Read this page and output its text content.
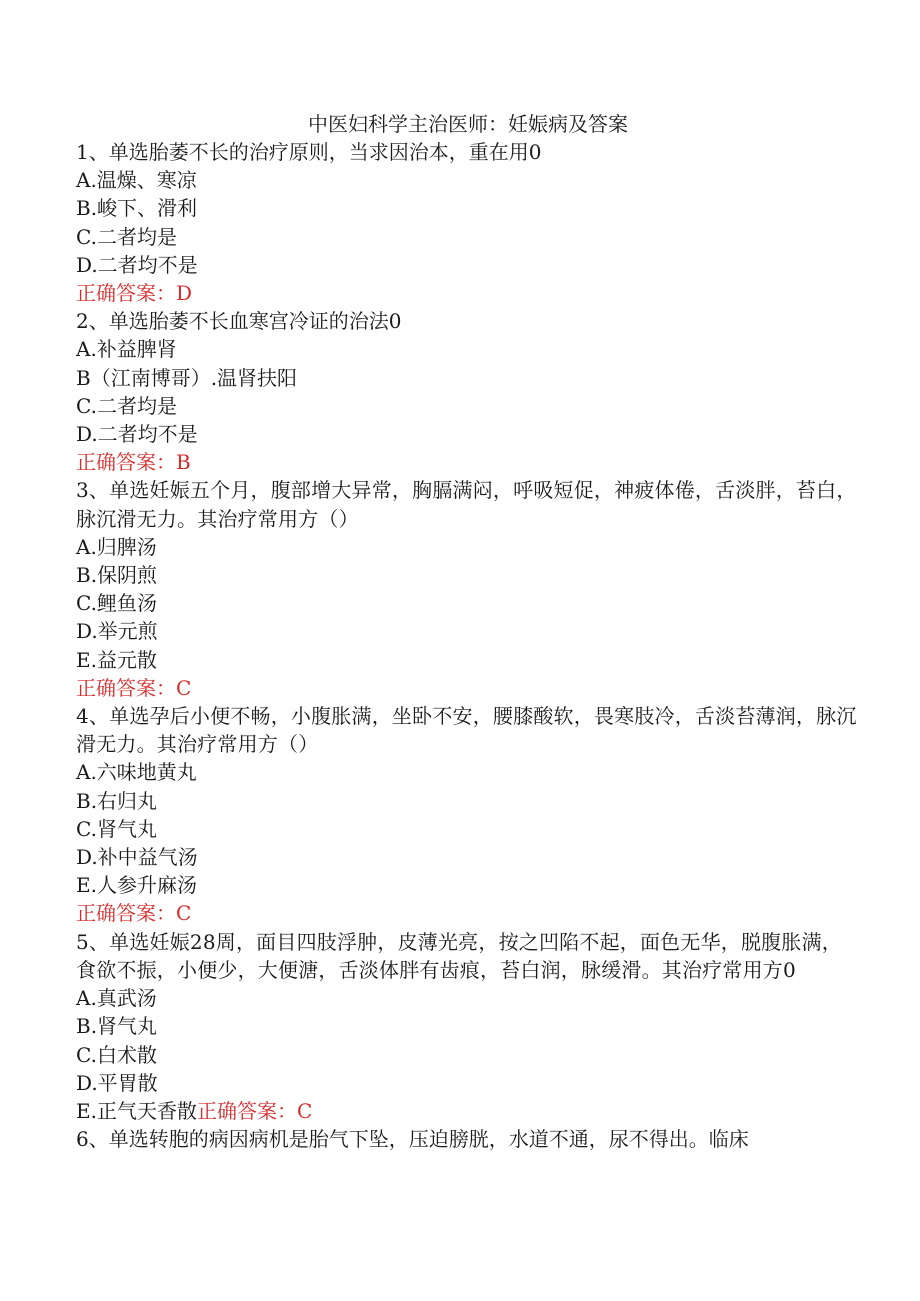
中医妇科学主治医师：妊娠病及答案
1、单选胎萎不长的治疗原则，当求因治本，重在用0
A.温燥、寒凉
B.峻下、滑利
C.二者均是
D.二者均不是
正确答案：D
2、单选胎萎不长血寒宫冷证的治法0
A.补益脾肾
B（江南博哥）.温肾扶阳
C.二者均是
D.二者均不是
正确答案：B
3、单选妊娠五个月，腹部增大异常，胸膈满闷，呼吸短促，神疲体倦，舌淡胖，苔白，脉沉滑无力。其治疗常用方（）
A.归脾汤
B.保阴煎
C.鲤鱼汤
D.举元煎
E.益元散
正确答案：C
4、单选孕后小便不畅，小腹胀满，坐卧不安，腰膝酸软，畏寒肢冷，舌淡苔薄润，脉沉滑无力。其治疗常用方（）
A.六味地黄丸
B.右归丸
C.肾气丸
D.补中益气汤
E.人参升麻汤
正确答案：C
5、单选妊娠28周，面目四肢浮肿，皮薄光亮，按之凹陷不起，面色无华，脱腹胀满，食欲不振，小便少，大便溏，舌淡体胖有齿痕，苔白润，脉缓滑。其治疗常用方0
A.真武汤
B.肾气丸
C.白术散
D.平胃散
E.正气天香散正确答案：C
6、单选转胞的病因病机是胎气下坠，压迫膀胱，水道不通，尿不得出。临床
